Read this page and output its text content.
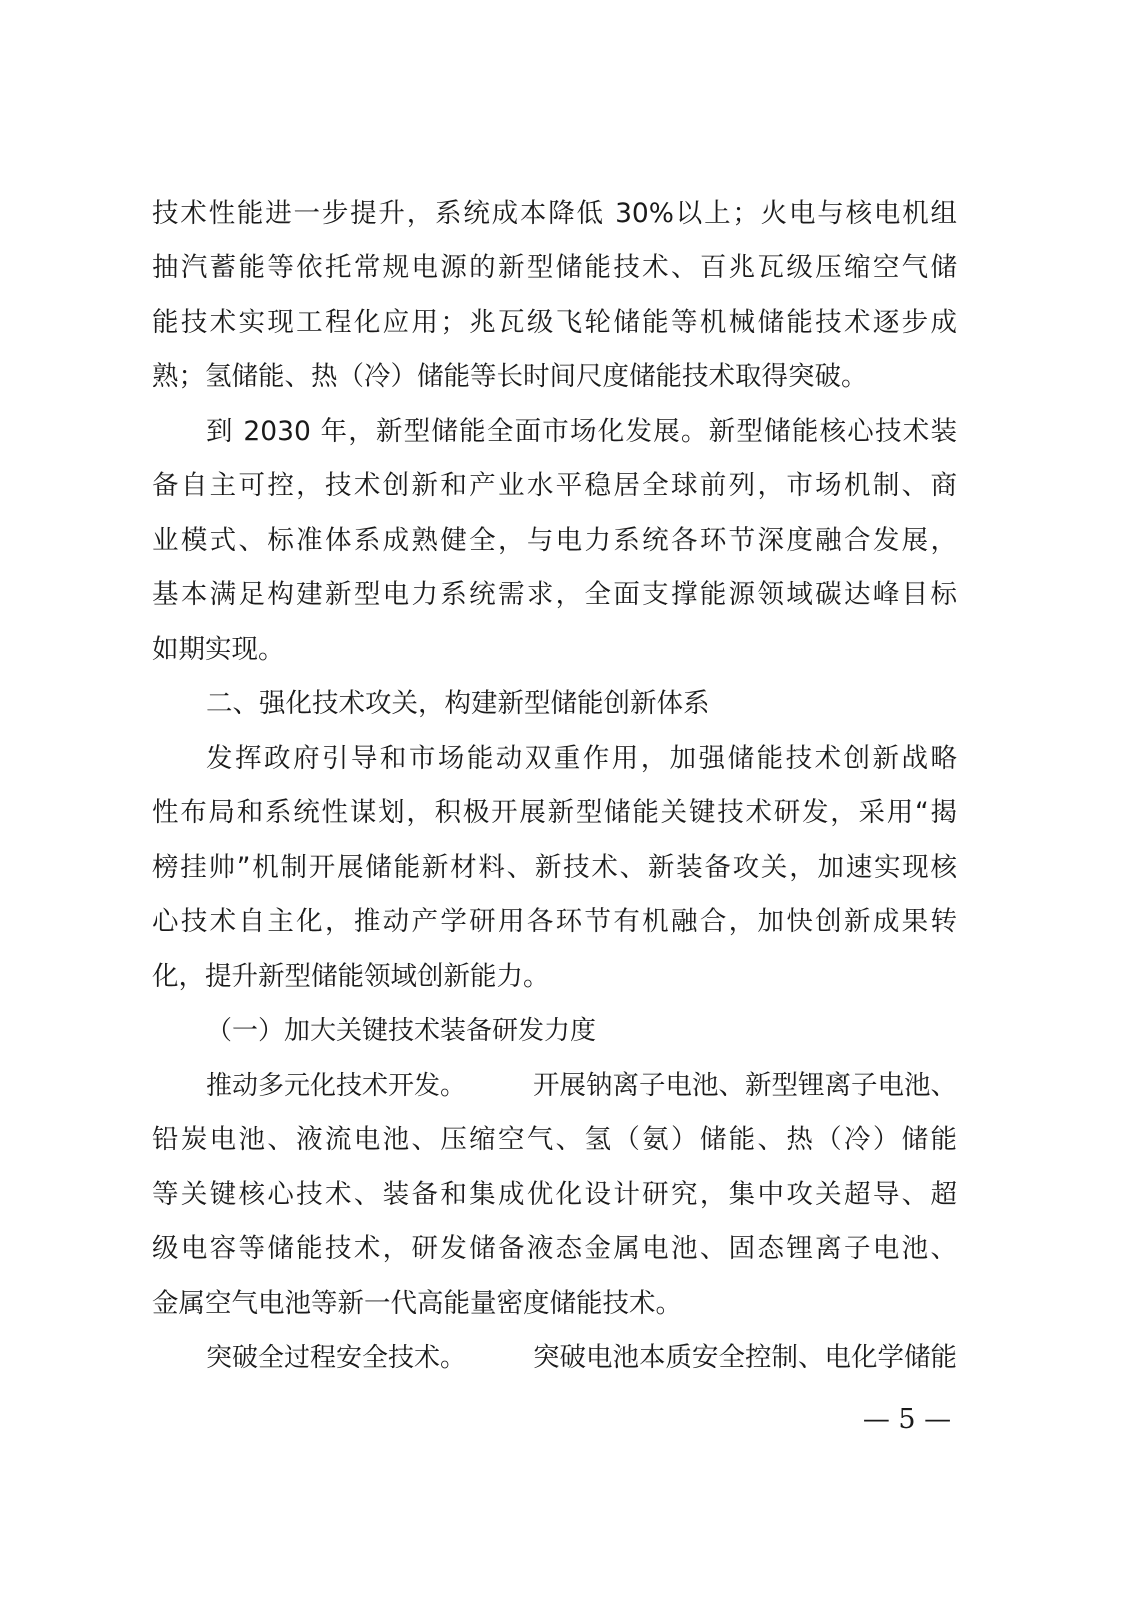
技术性能进一步提升，系统成本降低 30%以上；火电与核电机组
抽汽蓄能等依托常规电源的新型储能技术、百兆瓦级压缩空气储
能技术实现工程化应用；兆瓦级飞轮储能等机械储能技术逐步成
熟；氢储能、热（冷）储能等长时间尺度储能技术取得突破。
到 2030 年，新型储能全面市场化发展。新型储能核心技术装
备自主可控，技术创新和产业水平稳居全球前列，市场机制、商
业模式、标准体系成熟健全，与电力系统各环节深度融合发展，
基本满足构建新型电力系统需求，全面支撑能源领域碳达峰目标
如期实现。
二、强化技术攻关，构建新型储能创新体系
发挥政府引导和市场能动双重作用，加强储能技术创新战略
性布局和系统性谋划，积极开展新型储能关键技术研发，采用“揭
榜挂帅”机制开展储能新材料、新技术、新装备攻关，加速实现核
心技术自主化，推动产学研用各环节有机融合，加快创新成果转
化，提升新型储能领域创新能力。
（一）加大关键技术装备研发力度
推动多元化技术开发。	开展钠离子电池、新型锂离子电池、
铅炭电池、液流电池、压缩空气、氢（氨）储能、热（冷）储能
等关键核心技术、装备和集成优化设计研究，集中攻关超导、超
级电容等储能技术，研发储备液态金属电池、固态锂离子电池、
金属空气电池等新一代高能量密度储能技术。
突破全过程安全技术。	突破电池本质安全控制、电化学储能
— 5 —
